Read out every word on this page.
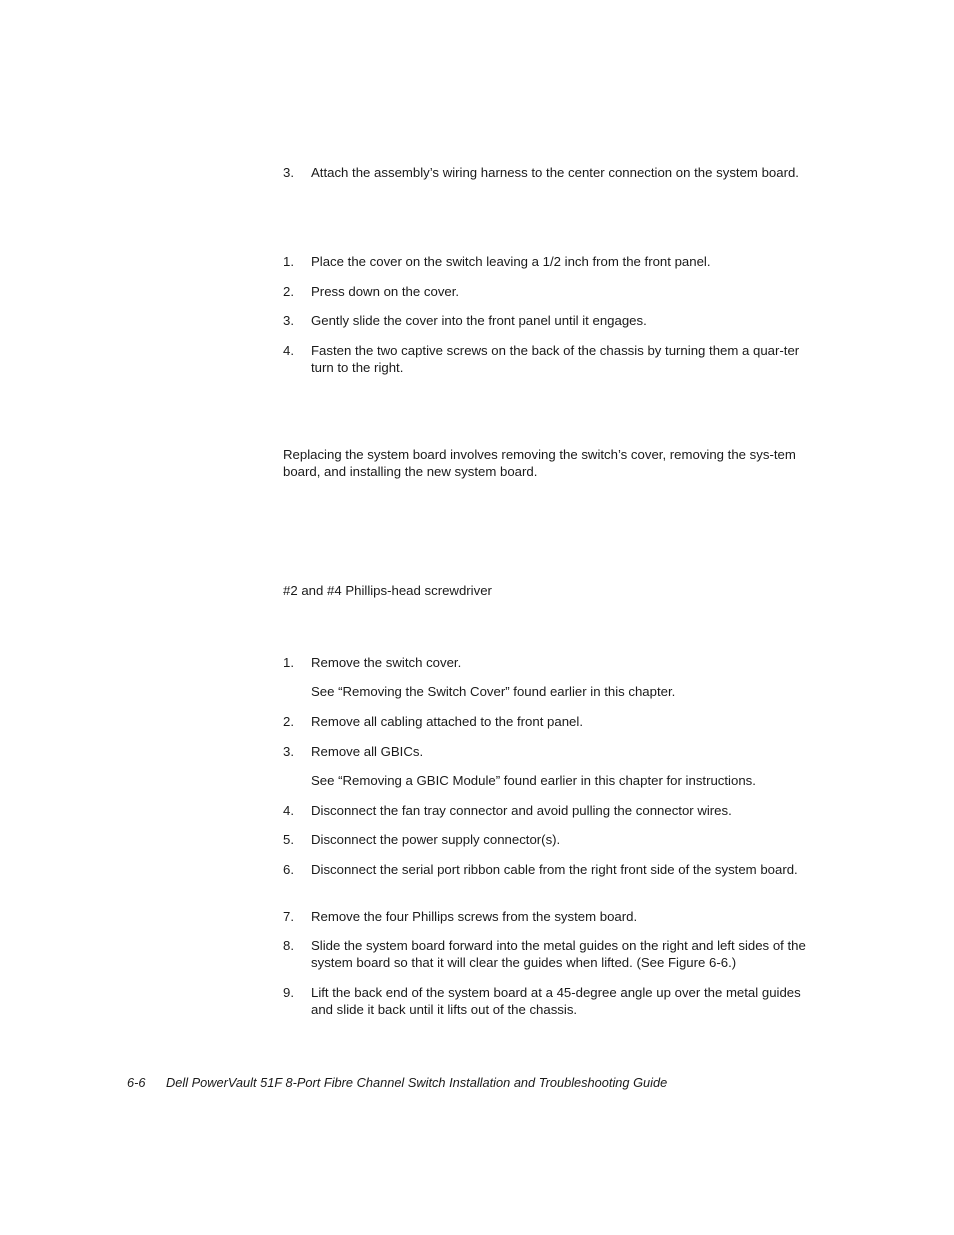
3.	Attach the assembly’s wiring harness to the center connection on the system board.
1.	Place the cover on the switch leaving a 1/2 inch from the front panel.
2.	Press down on the cover.
3.	Gently slide the cover into the front panel until it engages.
4.	Fasten the two captive screws on the back of the chassis by turning them a quar-ter turn to the right.
Replacing the system board involves removing the switch’s cover, removing the sys-tem board, and installing the new system board.
#2 and #4 Phillips-head screwdriver
1.	Remove the switch cover.
See “Removing the Switch Cover” found earlier in this chapter.
2.	Remove all cabling attached to the front panel.
3.	Remove all GBICs.
See “Removing a GBIC Module” found earlier in this chapter for instructions.
4.	Disconnect the fan tray connector and avoid pulling the connector wires.
5.	Disconnect the power supply connector(s).
6.	Disconnect the serial port ribbon cable from the right front side of the system board.
7.	Remove the four Phillips screws from the system board.
8.	Slide the system board forward into the metal guides on the right and left sides of the system board so that it will clear the guides when lifted. (See Figure 6-6.)
9.	Lift the back end of the system board at a 45-degree angle up over the metal guides and slide it back until it lifts out of the chassis.
6-6 Dell PowerVault 51F 8-Port Fibre Channel Switch Installation and Troubleshooting Guide
